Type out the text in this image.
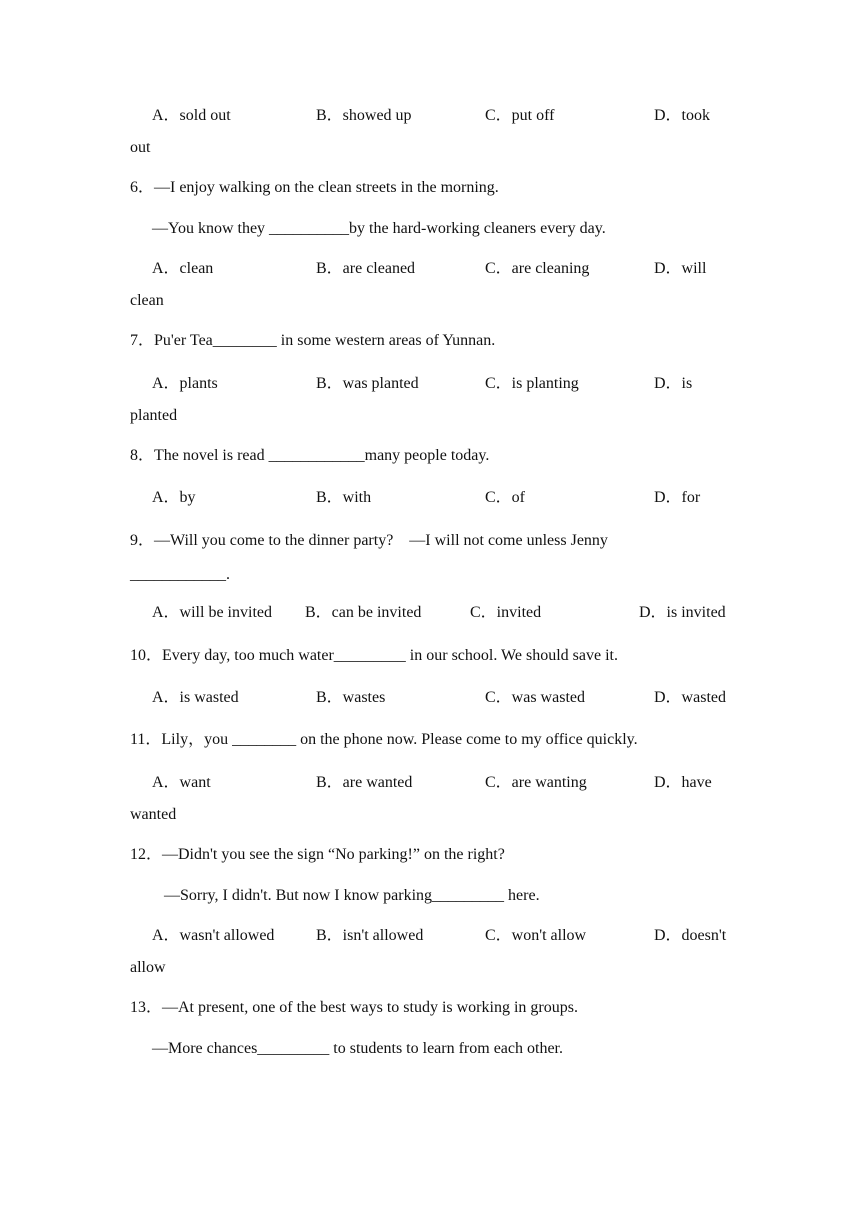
A．sold out	B．showed up	C．put off	D．took
out
6．—I enjoy walking on the clean streets in the morning.
—You know they __________by the hard-working cleaners every day.
A．clean	B．are cleaned	C．are cleaning	D．will
clean
7．Pu'er Tea________ in some western areas of Yunnan.
A．plants	B．was planted	C．is planting	D．is
planted
8．The novel is read ____________many people today.
A．by	B．with	C．of	D．for
9．—Will you come to the dinner party?    —I will not come unless Jenny
____________.
A．will be invited B．can be invited	C．invited	D．is invited
10．Every day, too much water_________ in our school. We should save it.
A．is wasted	B．wastes	C．was wasted	D．wasted
11．Lily，you ________ on the phone now. Please come to my office quickly.
A．want	B．are wanted	C．are wanting	D．have
wanted
12．—Didn't you see the sign “No parking!” on the right?
—Sorry, I didn't. But now I know parking_________ here.
A．wasn't allowed	B．isn't allowed	C．won't allow	D．doesn't
allow
13．—At present, one of the best ways to study is working in groups.
—More chances_________ to students to learn from each other.
